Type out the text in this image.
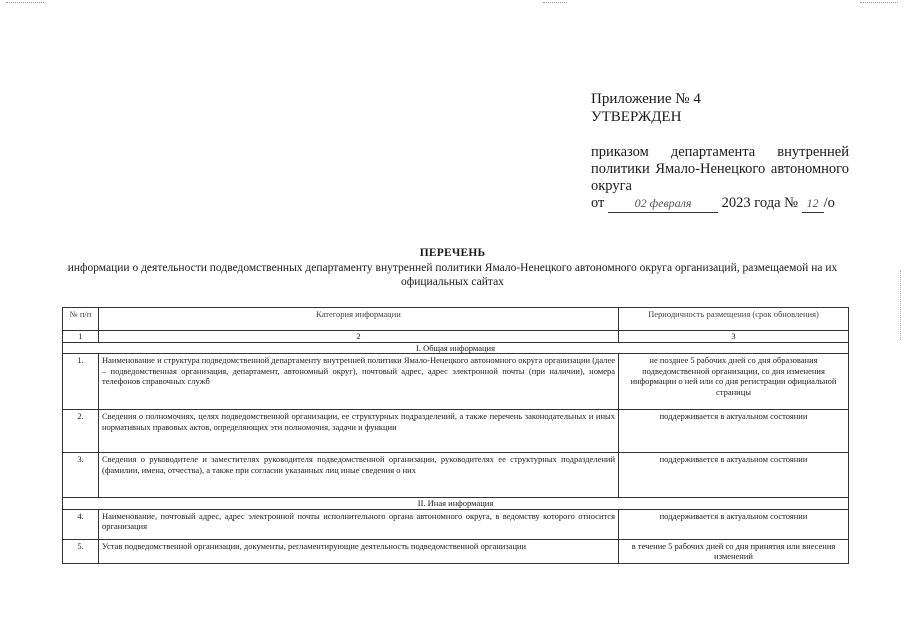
Приложение № 4
УТВЕРЖДЕН
приказом департамента внутренней политики Ямало-Ненецкого автономного округа
от	02 февраля 2023 года № 12 /о
ПЕРЕЧЕНЬ
информации о деятельности подведомственных департаменту внутренней политики Ямало-Ненецкого автономного округа организаций, размещаемой на их официальных сайтах
№ п/п	Категория информации	Периодичность размещения (срок обновления)
1	2	3
I. Общая информация		
1.	Наименование и структура подведомственной департаменту внутренней политики Ямало-Ненецкого автономного округа организации (далее – подведомственная организация, департамент, автономный округ), почтовый адрес, адрес электронной почты (при наличии), номера телефонов справочных служб	не позднее 5 рабочих дней со дня образования подведомственной организации, со дня изменения информации о ней или со дня регистрации официальной страницы
2.	Сведения о полномочиях, целях подведомственной организации, ее структурных подразделений, а также перечень законодательных и иных нормативных правовых актов, определяющих эти полномочия, задачи и функции	поддерживается в актуальном состоянии
3.	Сведения о руководителе и заместителях руководителя подведомственной организации, руководителях ее структурных подразделений (фамилии, имена, отчества), а также при согласии указанных лиц иные сведения о них	поддерживается в актуальном состоянии
II. Иная информация		
4.	Наименование, почтовый адрес, адрес электронной почты исполнительного органа автономного округа, в ведомству которого относится организация	поддерживается в актуальном состоянии
5.	Устав подведомственной организации, документы, регламентирующие деятельность подведомственной организации	в течение 5 рабочих дней со дня принятия или внесения изменений
